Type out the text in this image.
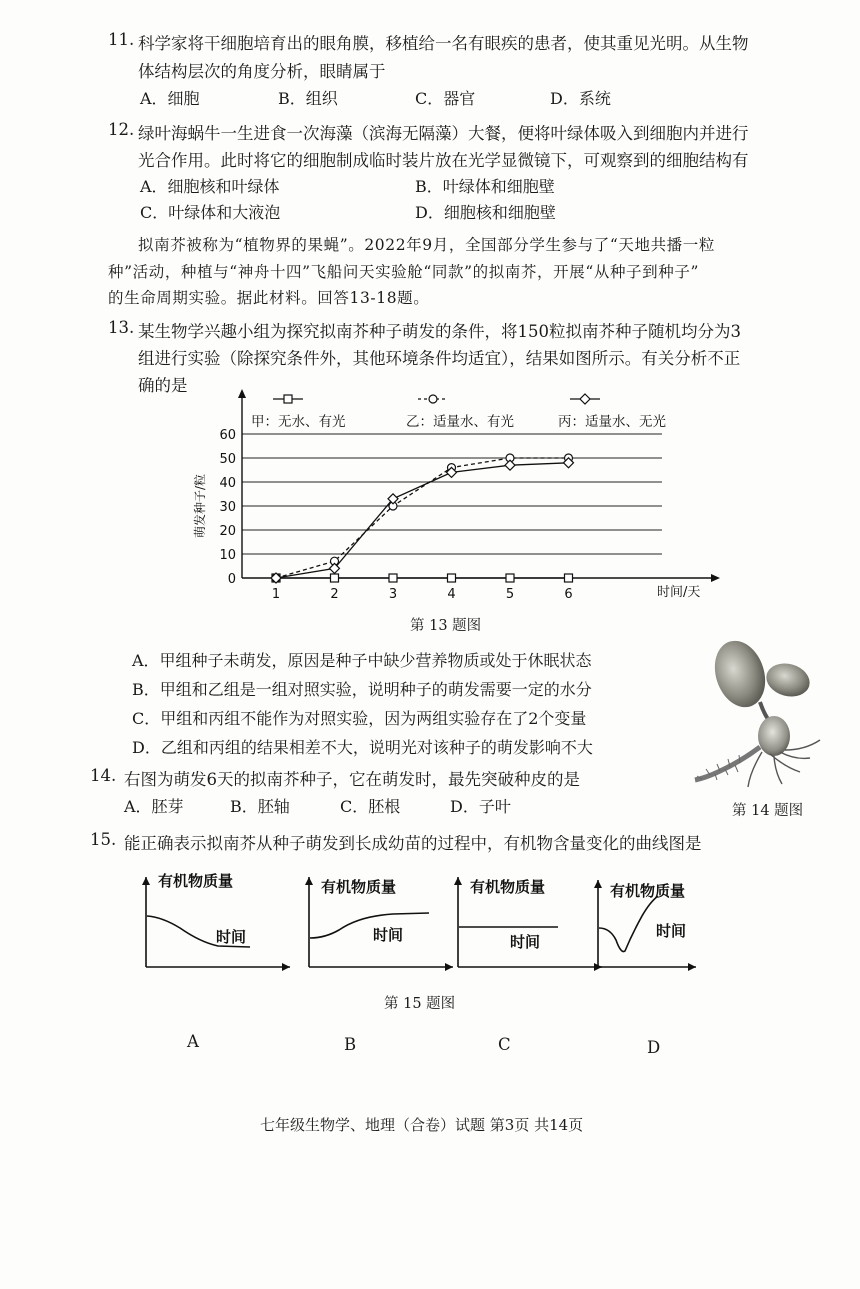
11. 科学家将干细胞培育出的眼角膜，移植给一名有眼疾的患者，使其重见光明。从生物
体结构层次的角度分析，眼睛属于
A．细胞	B．组织	C．器官	D．系统
12. 绿叶海蜗牛一生进食一次海藻（滨海无隔藻）大餐，便将叶绿体吸入到细胞内并进行
光合作用。此时将它的细胞制成临时装片放在光学显微镜下，可观察到的细胞结构有
A．细胞核和叶绿体	B．叶绿体和细胞壁
C．叶绿体和大液泡	D．细胞核和细胞壁
拟南芥被称为“植物界的果蝇”。2022年9月，全国部分学生参与了“天地共播一粒
种”活动，种植与“神舟十四”飞船问天实验舱“同款”的拟南芥，开展“从种子到种子”
的生命周期实验。据此材料。回答13-18题。
13. 某生物学兴趣小组为探究拟南芥种子萌发的条件，将150粒拟南芥种子随机均分为3
组进行实验（除探究条件外，其他环境条件均适宜），结果如图所示。有关分析不正
确的是
甲：无水、有光	乙：适量水、有光	丙：适量水、无光
0
10
20
30
40
50
60
1	2	3	4	5	6	时间/天
萌发种子/粒
第 13 题图
A．甲组种子未萌发，原因是种子中缺少营养物质或处于休眠状态
B．甲组和乙组是一组对照实验，说明种子的萌发需要一定的水分
C．甲组和丙组不能作为对照实验，因为两组实验存在了2个变量
D．乙组和丙组的结果相差不大，说明光对该种子的萌发影响不大
第 14 题图
14. 右图为萌发6天的拟南芥种子，它在萌发时，最先突破种皮的是
A．胚芽	B．胚轴	C．胚根	D．子叶
15. 能正确表示拟南芥从种子萌发到长成幼苗的过程中，有机物含量变化的曲线图是
有机物质量
时间
有机物质量
时间
有机物质量
时间
有机物质量
时间
第 15 题图
A	B	C	D
七年级生物学、地理（合卷）试题 第3页 共14页
